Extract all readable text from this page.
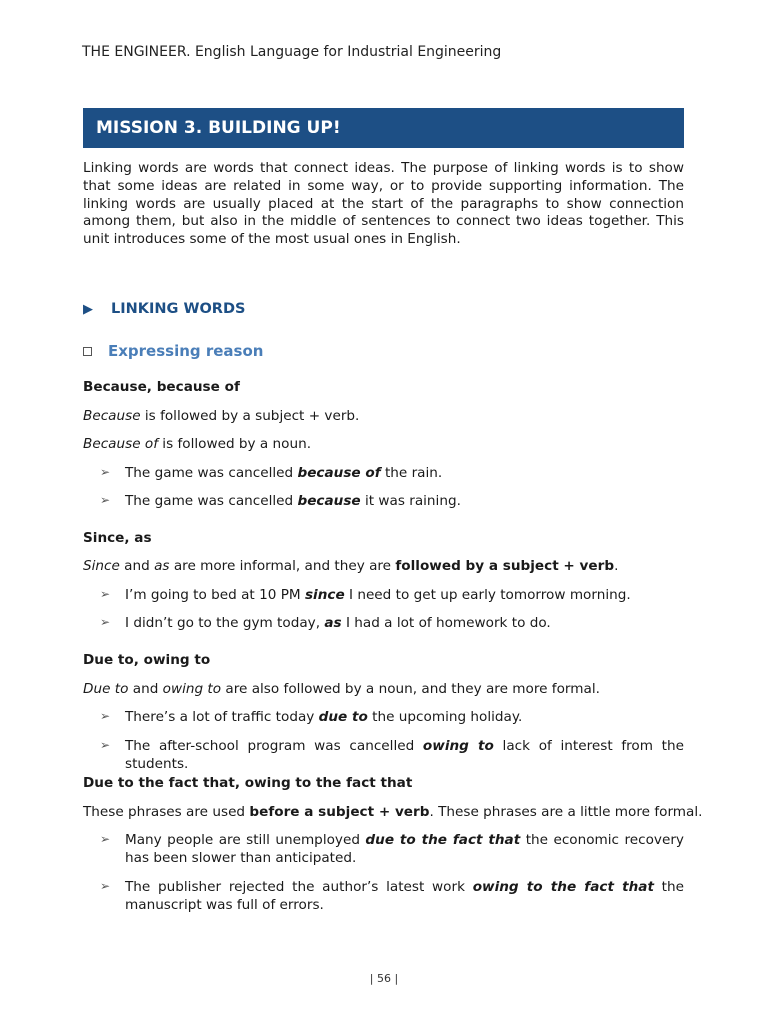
THE ENGINEER. English Language for Industrial Engineering
MISSION 3. BUILDING UP!

Linking words are words that connect ideas. The purpose of linking words is to show that some ideas are related in some way, or to provide supporting information. The linking words are usually placed at the start of the paragraphs to show connection among them, but also in the middle of sentences to connect two ideas together. This unit introduces some of the most usual ones in English.

▶	LINKING WORDS
Expressing reason
Because, because of
Because is followed by a subject + verb.
Because of is followed by a noun.
➢ The game was cancelled because of the rain.
➢ The game was cancelled because it was raining.
Since, as
Since and as are more informal, and they are followed by a subject + verb.
➢ I’m going to bed at 10 PM since I need to get up early tomorrow morning.
➢ I didn’t go to the gym today, as I had a lot of homework to do.
Due to, owing to
Due to and owing to are also followed by a noun, and they are more formal.
➢ There’s a lot of traffic today due to the upcoming holiday.
➢ The after-school program was cancelled owing to lack of interest from the students.
Due to the fact that, owing to the fact that
These phrases are used before a subject + verb. These phrases are a little more formal.
➢ Many people are still unemployed due to the fact that the economic recovery has been slower than anticipated.
➢ The publisher rejected the author’s latest work owing to the fact that the manuscript was full of errors.
| 56 |
